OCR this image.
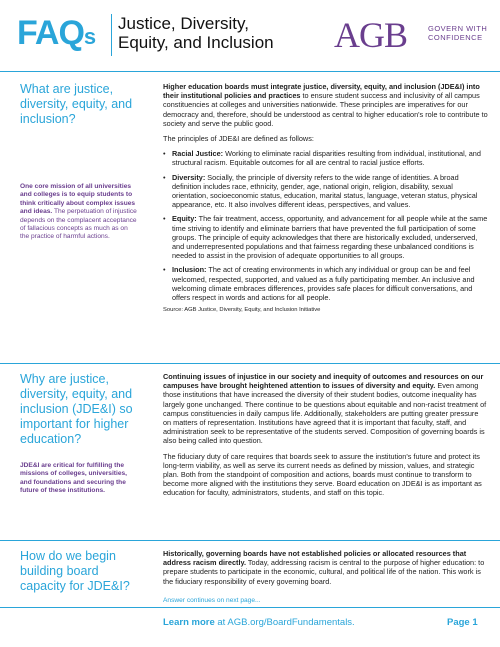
FAQs
Justice, Diversity,
Equity, and Inclusion AGB	GOVERN WITH CONFIDENCE
What are justice, diversity, equity, and inclusion?
One core mission of all universities and colleges is to equip students to think critically about complex issues and ideas. The perpetuation of injustice depends on the complacent acceptance of fallacious concepts as much as on the practice of harmful actions.

Higher education boards must integrate justice, diversity, equity, and inclusion (JDE&I) into their institutional policies and practices to ensure student success and inclusivity of all campus constituencies at colleges and universities nationwide. These principles are imperatives for our democracy and, therefore, should be understood as central to higher education's role to contribute to society and serve the public good.

The principles of JDE&I are defined as follows:

• Racial Justice: Working to eliminate racial disparities resulting from individual, institutional, and structural racism. Equitable outcomes for all are central to racial justice efforts.
• Diversity: Socially, the principle of diversity refers to the wide range of identities. A broad definition includes race, ethnicity, gender, age, national origin, religion, disability, sexual orientation, socioeconomic status, education, marital status, language, veteran status, physical appearance, etc. It also involves different ideas, perspectives, and values.
• Equity: The fair treatment, access, opportunity, and advancement for all people while at the same time striving to identify and eliminate barriers that have prevented the full participation of some groups. The principle of equity acknowledges that there are historically excluded, underserved, and underrepresented populations and that fairness regarding these unbalanced conditions is needed to assist in the provision of adequate opportunities to all groups.
• Inclusion: The act of creating environments in which any individual or group can be and feel welcomed, respected, supported, and valued as a fully participating member. An inclusive and welcoming climate embraces differences, provides safe places for difficult conversations, and offers respect in words and actions for all people.
Source: AGB Justice, Diversity, Equity, and Inclusion Initiative
Why are justice, diversity, equity, and inclusion (JDE&I) so important for higher education?
JDE&I are critical for fulfilling the missions of colleges, universities, and foundations and securing the future of these institutions.

Continuing issues of injustice in our society and inequity of outcomes and resources on our campuses have brought heightened attention to issues of diversity and equity. Even among those institutions that have increased the diversity of their student bodies, outcome inequality has largely gone unchanged. There continue to be questions about equitable and non-racist treatment of campus constituencies in daily campus life. Additionally, stakeholders are putting greater pressure on matters of representation. Institutions have agreed that it is important that faculty, staff, and administration seek to be representative of the students served. Composition of governing boards is also being called into question.

The fiduciary duty of care requires that boards seek to assure the institution's future and protect its long-term viability, as well as serve its current needs as defined by mission, values, and strategic plan. Both from the standpoint of composition and actions, boards must continue to transform to become more aligned with the institutions they serve. Board education on JDE&I is as important as education for faculty, administrators, students, and staff on this topic.

How do we begin building board capacity for JDE&I?

Historically, governing boards have not established policies or allocated resources that address racism directly. Today, addressing racism is central to the purpose of higher education: to prepare students to participate in the economic, cultural, and political life of the nation. This work is the fiduciary responsibility of every governing board.

Answer continues on next page...
Learn more at AGB.org/BoardFundamentals.	Page 1
